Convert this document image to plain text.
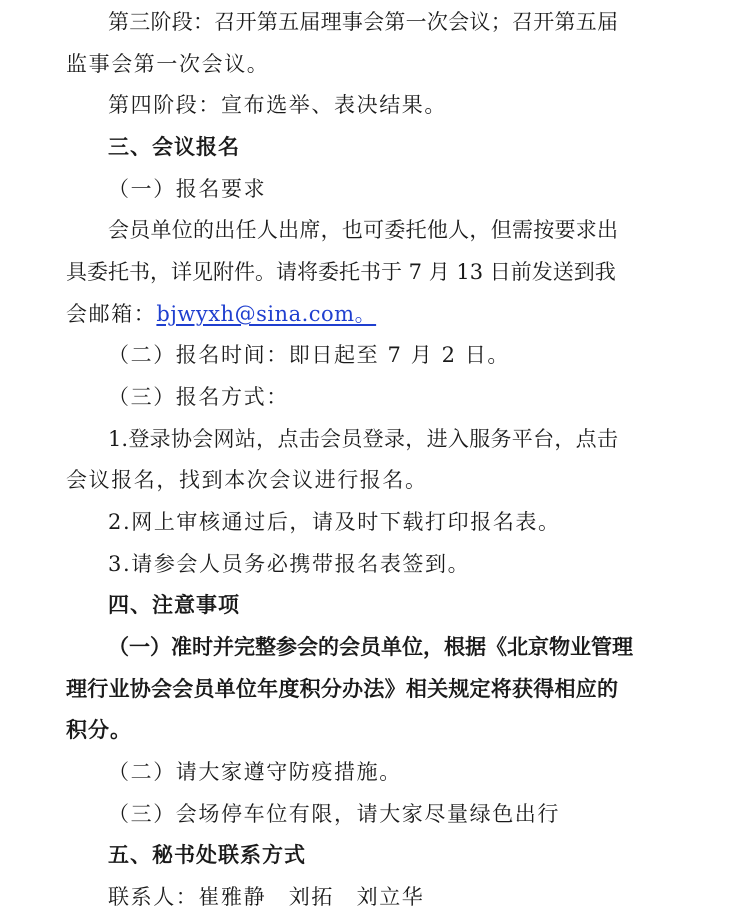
第三阶段：召开第五届理事会第一次会议；召开第五届
监事会第一次会议。
第四阶段：宣布选举、表决结果。
三、会议报名
（一）报名要求
会员单位的出任人出席，也可委托他人，但需按要求出
具委托书，详见附件。请将委托书于 7 月 13 日前发送到我
会邮箱：bjwyxh@sina.com。
（二）报名时间：即日起至 7 月 2 日。
（三）报名方式：
1.登录协会网站，点击会员登录，进入服务平台，点击
会议报名，找到本次会议进行报名。
2.网上审核通过后，请及时下载打印报名表。
3.请参会人员务必携带报名表签到。
四、注意事项
（一）准时并完整参会的会员单位，根据《北京物业管理
理行业协会会员单位年度积分办法》相关规定将获得相应的
积分。
（二）请大家遵守防疫措施。
（三）会场停车位有限，请大家尽量绿色出行
五、秘书处联系方式
联系人：崔雅静　刘拓　刘立华
